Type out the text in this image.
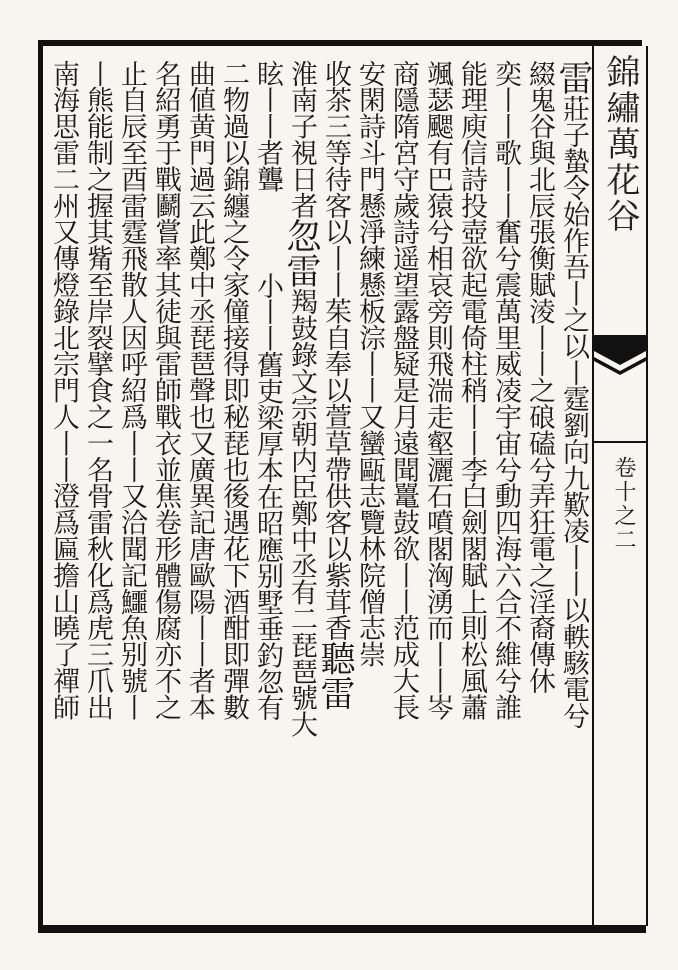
錦繡萬花谷
卷十之二
雷莊子蟄令始作吾丨之以丨霆劉向九歎凌丨丨以軼駭電兮
綴鬼谷與北辰張衡賦淩丨丨之硠磕兮弄狂電之淫裔傳休
奕丨丨歌丨丨奮兮震萬里威凌宇宙兮動四海六合不維兮誰
能理庾信詩投壺欲起電倚柱稍丨丨李白劍閣賦上則松風蕭
颯瑟颸有巴猿兮相哀旁則飛湍走壑灑石噴閣洶湧而丨丨岑
商隱隋宮守歲詩遥望露盤疑是月遠聞鼍鼓欲丨丨范成大長
安閑詩斗門懸淨練懸板淙丨丨又蠻甌志覽林院僧志崇
收茶三等待客以丨丨茱自奉以萱草帶供客以紫茸香聽雷
淮南子視日者忽雷羯鼓錄文宗朝内臣鄭中丞有二琵琶號大
眩丨丨者聾小丨丨舊吏梁厚本在昭應别墅垂釣忽有
二物過以錦纏之令家僮接得即秘琵也後遇花下酒酣即彈數
曲値黄門過云此鄭中丞琵琶聲也又廣異記唐歐陽丨丨者本
名紹勇于戰鬬嘗率其徒與雷師戰衣並焦卷形體傷腐亦不之
止自辰至酉雷霆飛散人因呼紹爲丨丨又洽聞記鱷魚别號丨
丨熊能制之握其觜至岸裂擘食之一名骨雷秋化爲虎三爪出
南海思雷二州又傳燈錄北宗門人丨丨澄爲匾擔山曉了禪師
